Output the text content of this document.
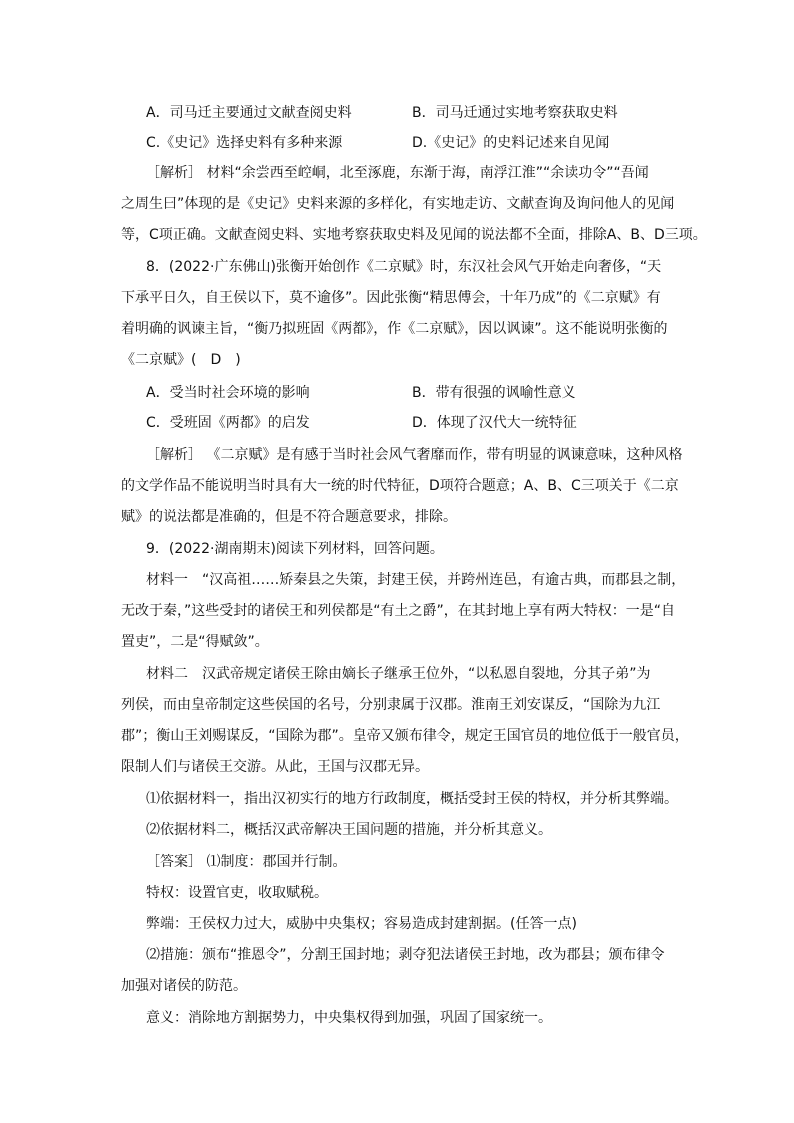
A．司马迁主要通过文献查阅史料	B．司马迁通过实地考察获取史料
C.《史记》选择史料有多种来源	D.《史记》的史料记述来自见闻
［解析］ 材料“余尝西至崆峒，北至涿鹿，东渐于海，南浮江淮”“余读功令”“吾闻
之周生曰”体现的是《史记》史料来源的多样化，有实地走访、文献查询及询问他人的见闻
等，C项正确。文献查阅史料、实地考察获取史料及见闻的说法都不全面，排除A、B、D三项。
8．(2022·广东佛山)张衡开始创作《二京赋》时，东汉社会风气开始走向奢侈，“天
下承平日久，自王侯以下，莫不逾侈”。因此张衡“精思傅会，十年乃成”的《二京赋》有
着明确的讽谏主旨，“衡乃拟班固《两都》，作《二京赋》，因以讽谏”。这不能说明张衡的
《二京赋》(　D　)
A．受当时社会环境的影响	B．带有很强的讽喻性意义
C．受班固《两都》的启发	D．体现了汉代大一统特征
［解析］ 《二京赋》是有感于当时社会风气奢靡而作，带有明显的讽谏意味，这种风格
的文学作品不能说明当时具有大一统的时代特征，D项符合题意；A、B、C三项关于《二京
赋》的说法都是准确的，但是不符合题意要求，排除。
9．(2022·湖南期末)阅读下列材料，回答问题。
材料一　“汉高祖……矫秦县之失策，封建王侯，并跨州连邑，有逾古典，而郡县之制，
无改于秦，”这些受封的诸侯王和列侯都是“有土之爵”，在其封地上享有两大特权：一是“自
置吏”，二是“得赋敛”。
材料二　汉武帝规定诸侯王除由嫡长子继承王位外，“以私恩自裂地，分其子弟”为
列侯，而由皇帝制定这些侯国的名号，分别隶属于汉郡。淮南王刘安谋反，“国除为九江
郡”；衡山王刘赐谋反，“国除为郡”。皇帝又颁布律令，规定王国官员的地位低于一般官员，
限制人们与诸侯王交游。从此，王国与汉郡无异。
⑴依据材料一，指出汉初实行的地方行政制度，概括受封王侯的特权，并分析其弊端。
⑵依据材料二，概括汉武帝解决王国问题的措施，并分析其意义。
［答案］ ⑴制度：郡国并行制。
特权：设置官吏，收取赋税。
弊端：王侯权力过大，威胁中央集权；容易造成封建割据。(任答一点)
⑵措施：颁布“推恩令”，分割王国封地；剥夺犯法诸侯王封地，改为郡县；颁布律令
加强对诸侯的防范。
意义：消除地方割据势力，中央集权得到加强，巩固了国家统一。
